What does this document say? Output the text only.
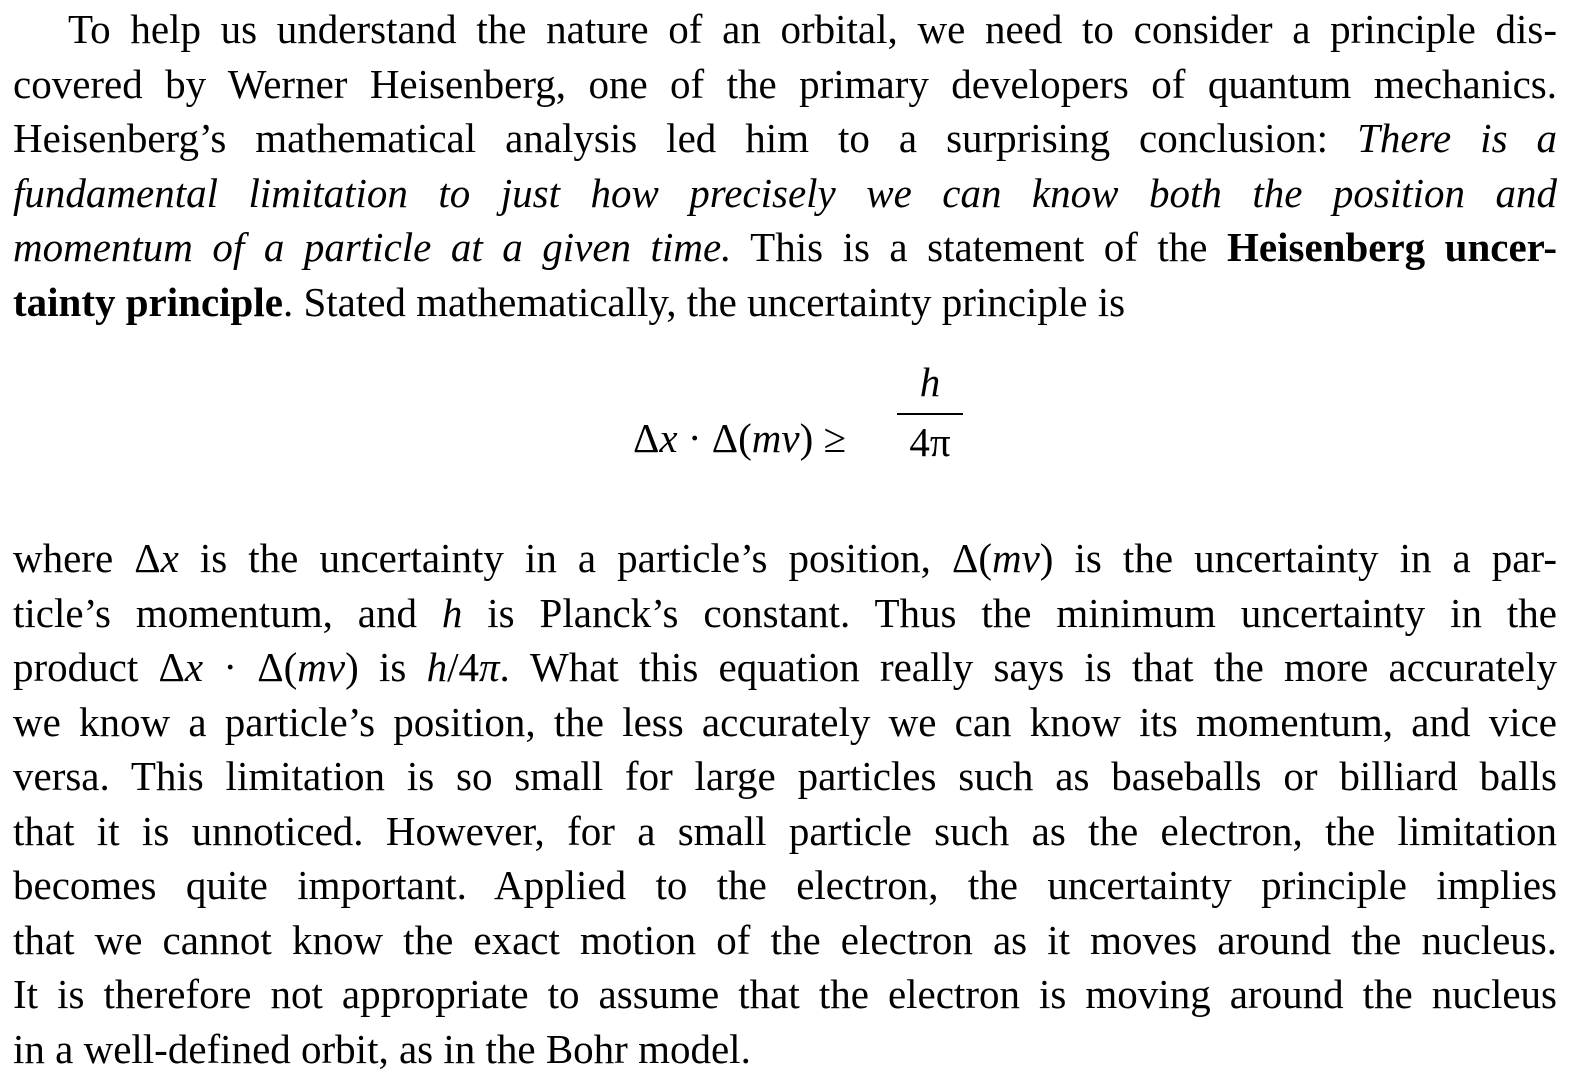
To help us understand the nature of an orbital, we need to consider a principle dis-
covered by Werner Heisenberg, one of the primary developers of quantum mechanics.
Heisenberg’s mathematical analysis led him to a surprising conclusion: There is a
fundamental limitation to just how precisely we can know both the position and
momentum of a particle at a given time. This is a statement of the Heisenberg uncer-
tainty principle. Stated mathematically, the uncertainty principle is
Δx · Δ(mv) ≥
h
4π
where Δx is the uncertainty in a particle’s position, Δ(mv) is the uncertainty in a par-
ticle’s momentum, and h is Planck’s constant. Thus the minimum uncertainty in the
product Δx · Δ(mv) is h/4π. What this equation really says is that the more accurately
we know a particle’s position, the less accurately we can know its momentum, and vice
versa. This limitation is so small for large particles such as baseballs or billiard balls
that it is unnoticed. However, for a small particle such as the electron, the limitation
becomes quite important. Applied to the electron, the uncertainty principle implies
that we cannot know the exact motion of the electron as it moves around the nucleus.
It is therefore not appropriate to assume that the electron is moving around the nucleus
in a well-defined orbit, as in the Bohr model.
